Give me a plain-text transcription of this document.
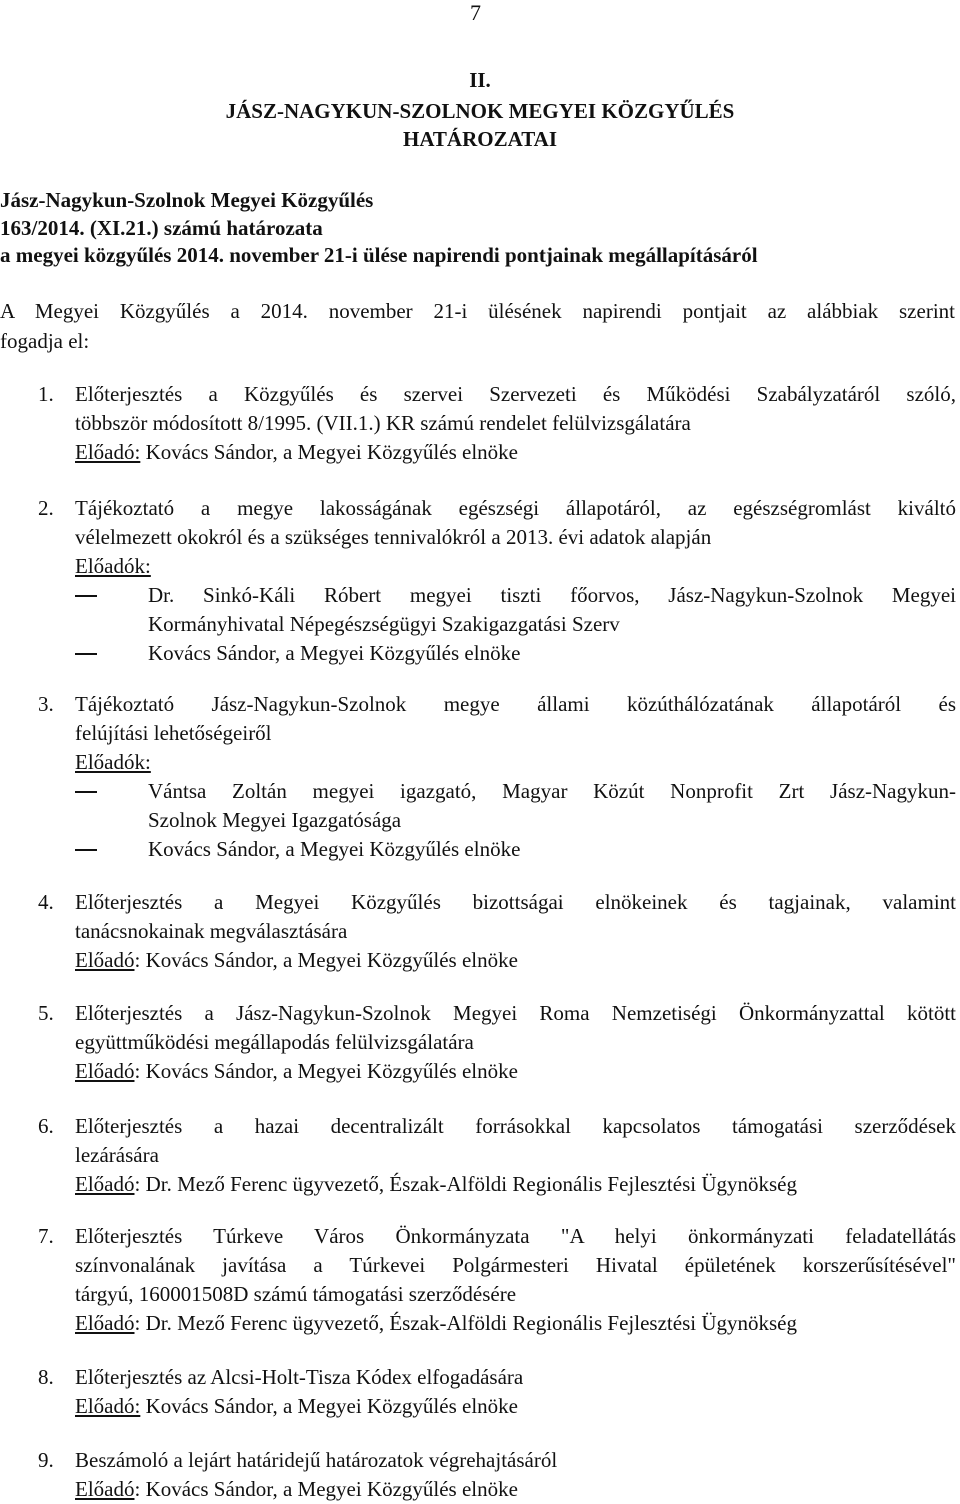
7
II.
JÁSZ-NAGYKUN-SZOLNOK MEGYEI KÖZGYŰLÉS
HATÁROZATAI
Jász-Nagykun-Szolnok Megyei Közgyűlés
163/2014. (XI.21.) számú határozata
a megyei közgyűlés 2014. november 21-i ülése napirendi pontjainak megállapításáról
A Megyei Közgyűlés a 2014. november 21-i ülésének napirendi pontjait az alábbiak szerint
fogadja el:
1. Előterjesztés a Közgyűlés és szervei Szervezeti és Működési Szabályzatáról szóló,
többször módosított 8/1995. (VII.1.) KR számú rendelet felülvizsgálatára
Előadó: Kovács Sándor, a Megyei Közgyűlés elnöke
2. Tájékoztató a megye lakosságának egészségi állapotáról, az egészségromlást kiváltó
vélelmezett okokról és a szükséges tennivalókról a 2013. évi adatok alapján
Előadók:
Dr. Sinkó-Káli Róbert megyei tiszti főorvos, Jász-Nagykun-Szolnok Megyei
Kormányhivatal Népegészségügyi Szakigazgatási Szerv
Kovács Sándor, a Megyei Közgyűlés elnöke
3. Tájékoztató Jász-Nagykun-Szolnok megye állami közúthálózatának állapotáról és
felújítási lehetőségeiről
Előadók:
Vántsa Zoltán megyei igazgató, Magyar Közút Nonprofit Zrt Jász-Nagykun-
Szolnok Megyei Igazgatósága
Kovács Sándor, a Megyei Közgyűlés elnöke
4. Előterjesztés a Megyei Közgyűlés bizottságai elnökeinek és tagjainak, valamint
tanácsnokainak megválasztására
Előadó: Kovács Sándor, a Megyei Közgyűlés elnöke
5. Előterjesztés a Jász-Nagykun-Szolnok Megyei Roma Nemzetiségi Önkormányzattal kötött
együttműködési megállapodás felülvizsgálatára
Előadó: Kovács Sándor, a Megyei Közgyűlés elnöke
6. Előterjesztés a hazai decentralizált forrásokkal kapcsolatos támogatási szerződések
lezárására
Előadó: Dr. Mező Ferenc ügyvezető, Észak-Alföldi Regionális Fejlesztési Ügynökség
7. Előterjesztés Túrkeve Város Önkormányzata "A helyi önkormányzati feladatellátás
színvonalának javítása a Túrkevei Polgármesteri Hivatal épületének korszerűsítésével"
tárgyú, 160001508D számú támogatási szerződésére
Előadó: Dr. Mező Ferenc ügyvezető, Észak-Alföldi Regionális Fejlesztési Ügynökség
8. Előterjesztés az Alcsi-Holt-Tisza Kódex elfogadására
Előadó: Kovács Sándor, a Megyei Közgyűlés elnöke
9. Beszámoló a lejárt határidejű határozatok végrehajtásáról
Előadó: Kovács Sándor, a Megyei Közgyűlés elnöke
